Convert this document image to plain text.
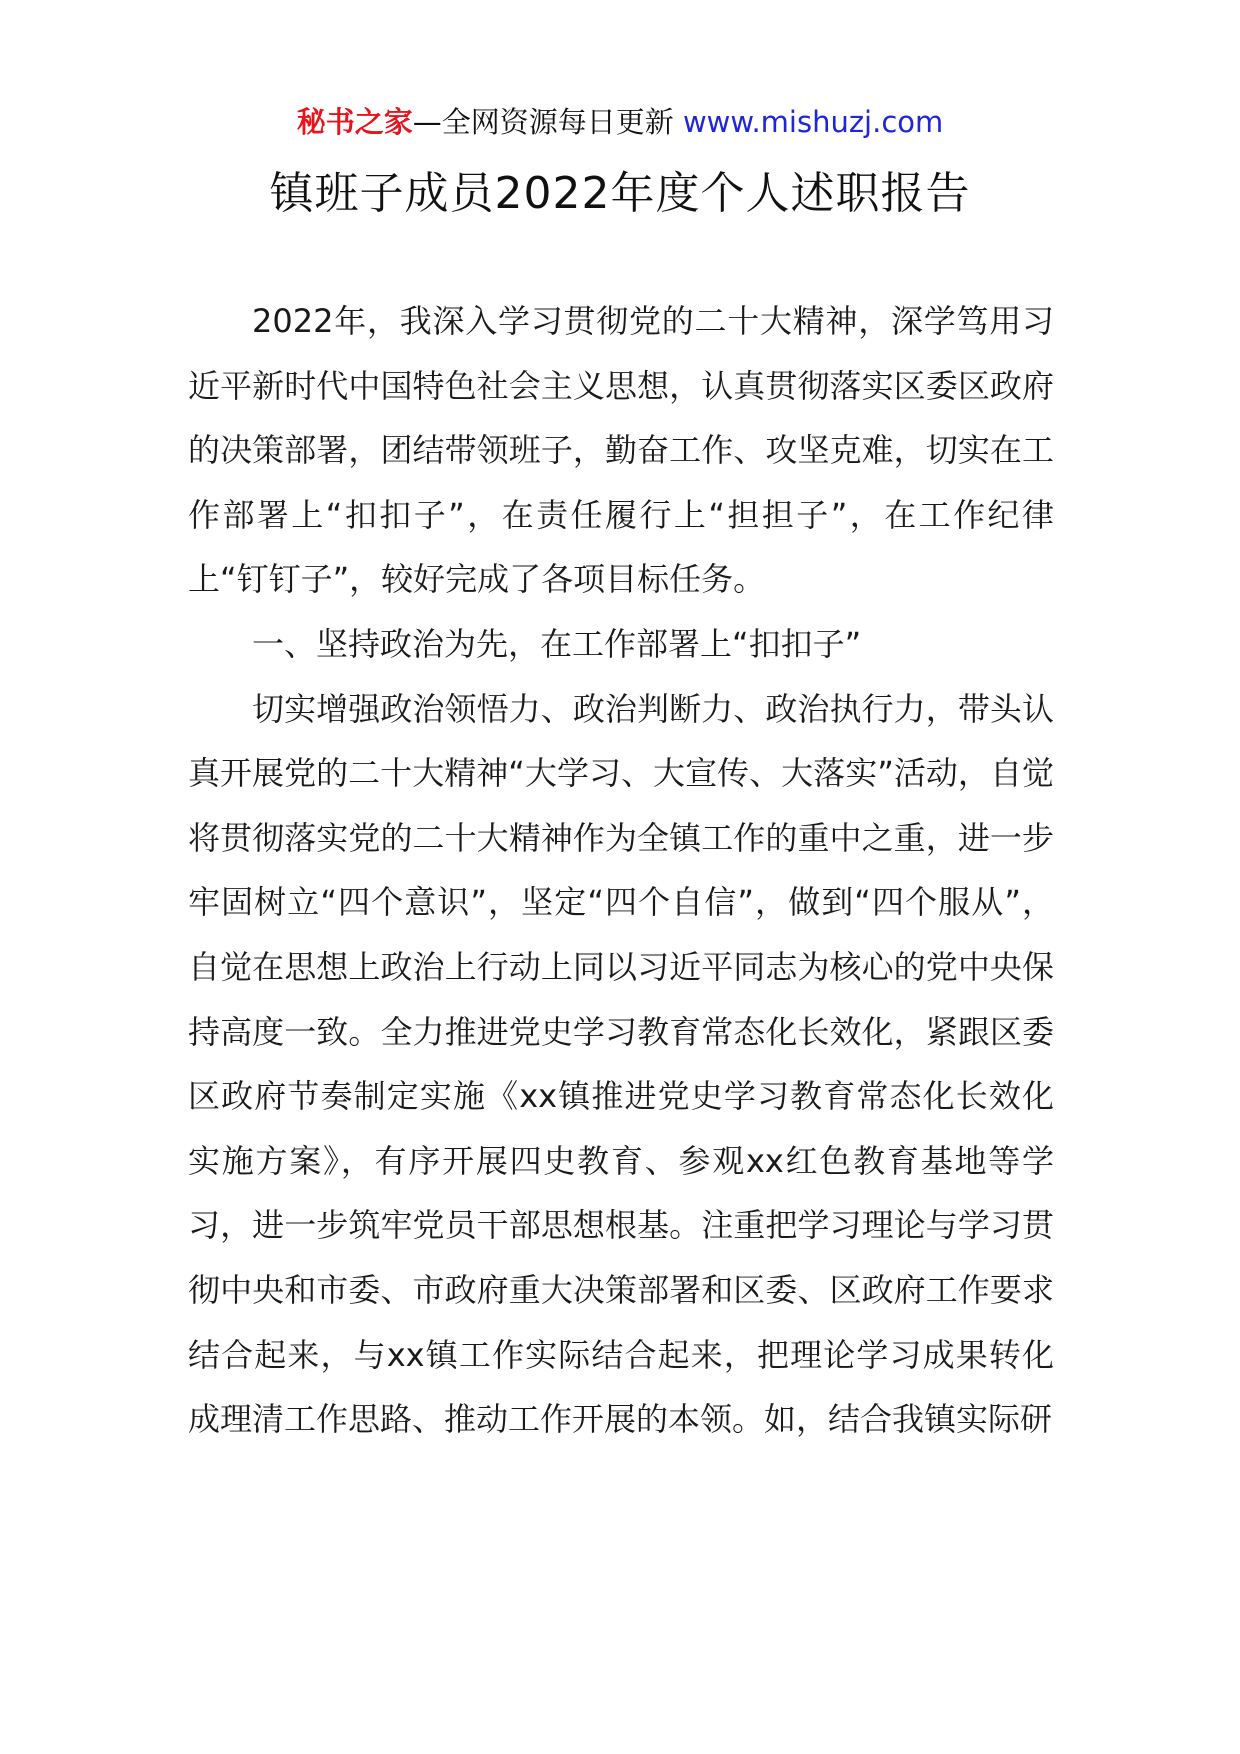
秘书之家—全网资源每日更新 www.mishuzj.com
镇班子成员2022年度个人述职报告

2022年，我深入学习贯彻党的二十大精神，深学笃用习近平新时代中国特色社会主义思想，认真贯彻落实区委区政府的决策部署，团结带领班子，勤奋工作、攻坚克难，切实在工作部署上“扣扣子”，在责任履行上“担担子”，在工作纪律上“钉钉子”，较好完成了各项目标任务。

一、坚持政治为先，在工作部署上“扣扣子”

切实增强政治领悟力、政治判断力、政治执行力，带头认真开展党的二十大精神“大学习、大宣传、大落实”活动，自觉将贯彻落实党的二十大精神作为全镇工作的重中之重，进一步牢固树立“四个意识”，坚定“四个自信”，做到“四个服从”，自觉在思想上政治上行动上同以习近平同志为核心的党中央保持高度一致。全力推进党史学习教育常态化长效化，紧跟区委区政府节奏制定实施《xx镇推进党史学习教育常态化长效化实施方案》，有序开展四史教育、参观xx红色教育基地等学习，进一步筑牢党员干部思想根基。注重把学习理论与学习贯彻中央和市委、市政府重大决策部署和区委、区政府工作要求结合起来，与xx镇工作实际结合起来，把理论学习成果转化成理清工作思路、推动工作开展的本领。如，结合我镇实际研
